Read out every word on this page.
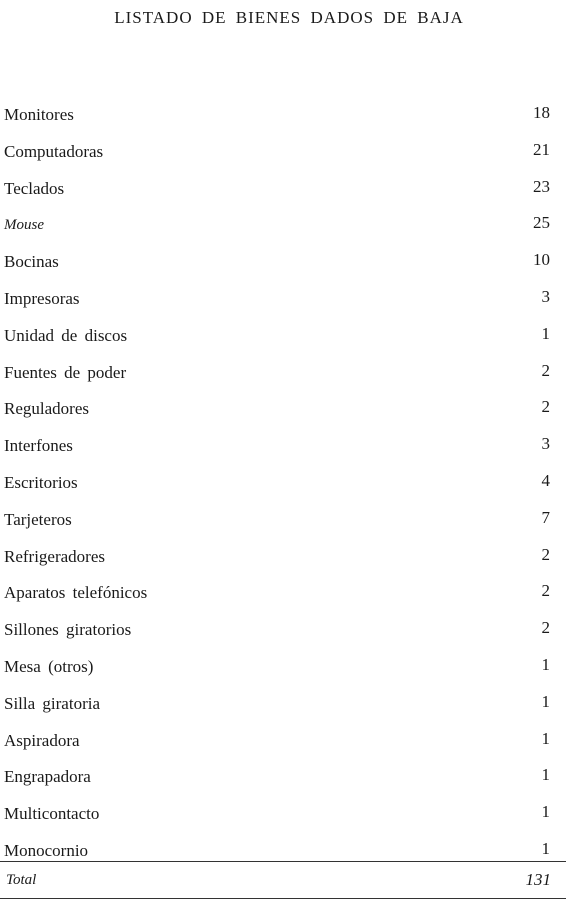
LISTADO DE BIENES DADOS DE BAJA
Monitores	18
Computadoras	21
Teclados	23
Mouse	25
Bocinas	10
Impresoras	3
Unidad de discos	1
Fuentes de poder	2
Reguladores	2
Interfones	3
Escritorios	4
Tarjeteros	7
Refrigeradores	2
Aparatos telefónicos	2
Sillones giratorios	2
Mesa (otros)	1
Silla giratoria	1
Aspiradora	1
Engrapadora	1
Multicontacto	1
Monocornio	1
Total	131
